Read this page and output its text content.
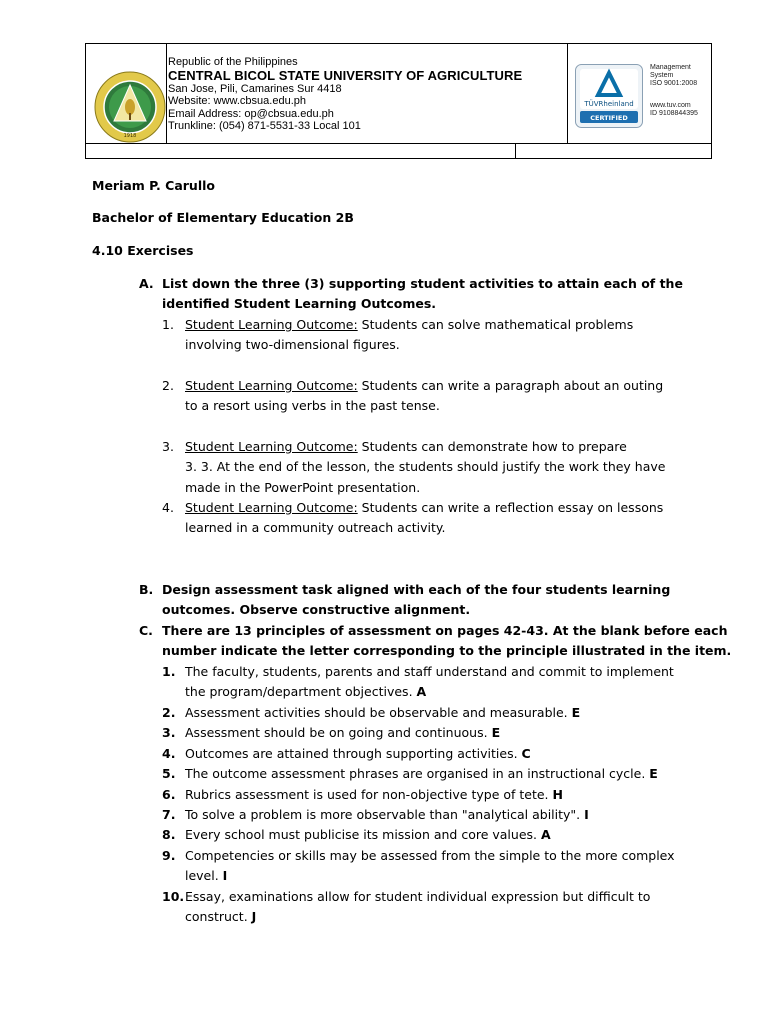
1918
Republic of the Philippines
CENTRAL BICOL STATE UNIVERSITY OF AGRICULTURE
San Jose, Pili, Camarines Sur 4418
Website: www.cbsua.edu.ph
Email Address: op@cbsua.edu.ph
Trunkline: (054) 871-5531-33 Local 101
TÜVRheinland
CERTIFIED
Management
System
ISO 9001:2008
www.tuv.com
ID 9108844395
Meriam P. Carullo
Bachelor of Elementary Education 2B
4.10 Exercises
A. List down the three (3) supporting student activities to attain each of the
identified Student Learning Outcomes.
1. Student Learning Outcome: Students can solve mathematical problems
involving two-dimensional figures.
2. Student Learning Outcome: Students can write a paragraph about an outing
to a resort using verbs in the past tense.
3. Student Learning Outcome: Students can demonstrate how to prepare
3. 3. At the end of the lesson, the students should justify the work they have
made in the PowerPoint presentation.
4. Student Learning Outcome: Students can write a reflection essay on lessons
learned in a community outreach activity.
B. Design assessment task aligned with each of the four students learning
outcomes. Observe constructive alignment.
C. There are 13 principles of assessment on pages 42-43. At the blank before each
number indicate the letter corresponding to the principle illustrated in the item.
1. The faculty, students, parents and staff understand and commit to implement
the program/department objectives. A
2. Assessment activities should be observable and measurable. E
3. Assessment should be on going and continuous. E
4. Outcomes are attained through supporting activities. C
5. The outcome assessment phrases are organised in an instructional cycle. E
6. Rubrics assessment is used for non-objective type of tete. H
7. To solve a problem is more observable than "analytical ability". I
8. Every school must publicise its mission and core values. A
9. Competencies or skills may be assessed from the simple to the more complex
level. I
10. Essay, examinations allow for student individual expression but difficult to
construct. J
